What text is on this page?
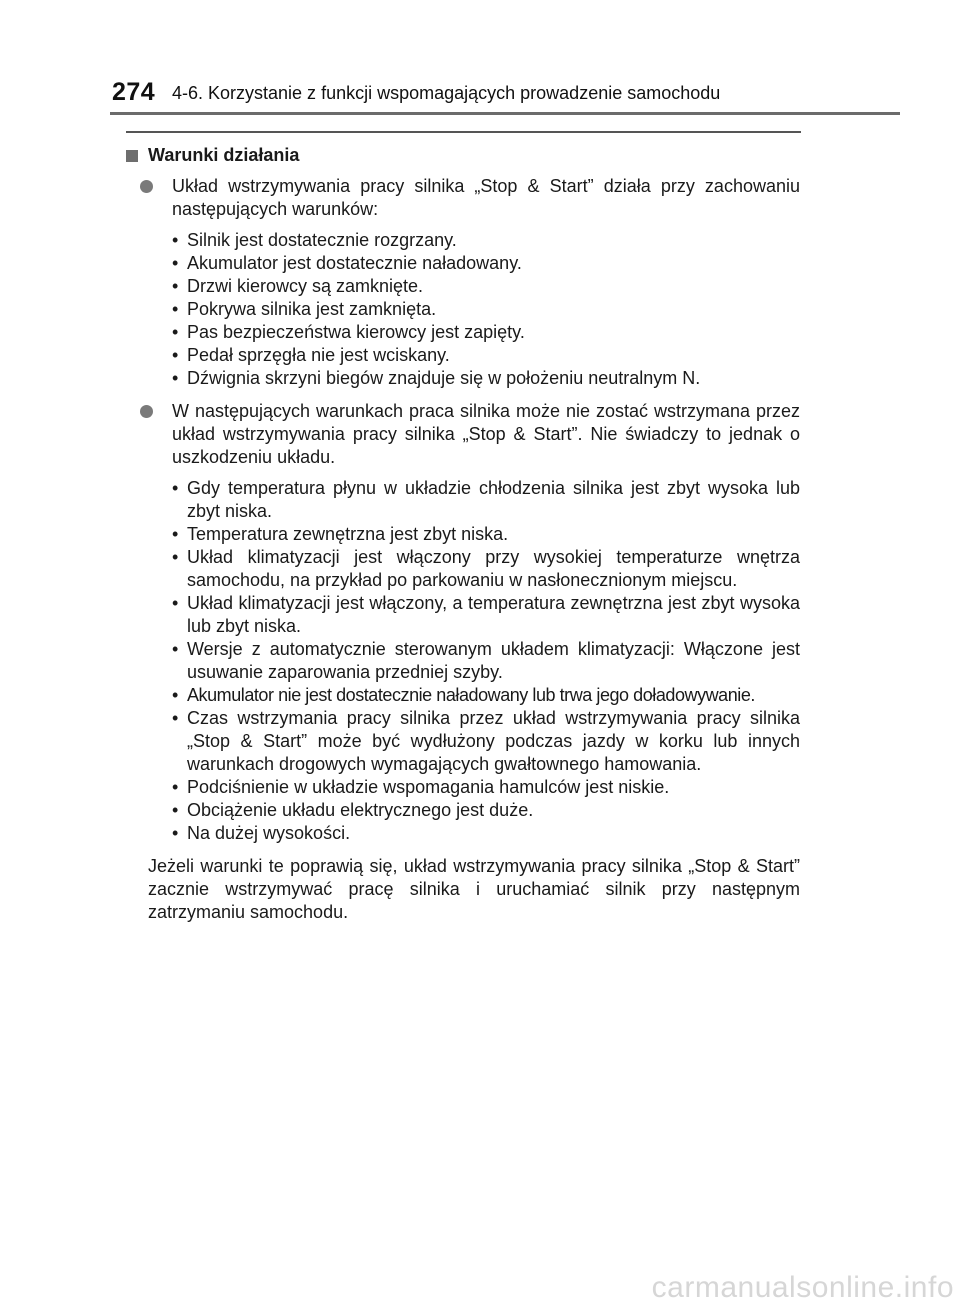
274 4-6. Korzystanie z funkcji wspomagających prowadzenie samochodu
Warunki działania
Układ wstrzymywania pracy silnika „Stop & Start” działa przy zachowaniu następujących warunków:
• Silnik jest dostatecznie rozgrzany.
• Akumulator jest dostatecznie naładowany.
• Drzwi kierowcy są zamknięte.
• Pokrywa silnika jest zamknięta.
• Pas bezpieczeństwa kierowcy jest zapięty.
• Pedał sprzęgła nie jest wciskany.
• Dźwignia skrzyni biegów znajduje się w położeniu neutralnym N.
W następujących warunkach praca silnika może nie zostać wstrzymana przez układ wstrzymywania pracy silnika „Stop & Start”. Nie świadczy to jednak o uszkodzeniu układu.
• Gdy temperatura płynu w układzie chłodzenia silnika jest zbyt wysoka lub zbyt niska.
• Temperatura zewnętrzna jest zbyt niska.
• Układ klimatyzacji jest włączony przy wysokiej temperaturze wnętrza samochodu, na przykład po parkowaniu w nasłonecznionym miejscu.
• Układ klimatyzacji jest włączony, a temperatura zewnętrzna jest zbyt wysoka lub zbyt niska.
• Wersje z automatycznie sterowanym układem klimatyzacji: Włączone jest usuwanie zaparowania przedniej szyby.
• Akumulator nie jest dostatecznie naładowany lub trwa jego doładowywanie.
• Czas wstrzymania pracy silnika przez układ wstrzymywania pracy silnika „Stop & Start” może być wydłużony podczas jazdy w korku lub innych warunkach drogowych wymagających gwałtownego hamowania.
• Podciśnienie w układzie wspomagania hamulców jest niskie.
• Obciążenie układu elektrycznego jest duże.
• Na dużej wysokości.
Jeżeli warunki te poprawią się, układ wstrzymywania pracy silnika „Stop & Start” zacznie wstrzymywać pracę silnika i uruchamiać silnik przy następnym zatrzymaniu samochodu.
carmanualsonline.info
